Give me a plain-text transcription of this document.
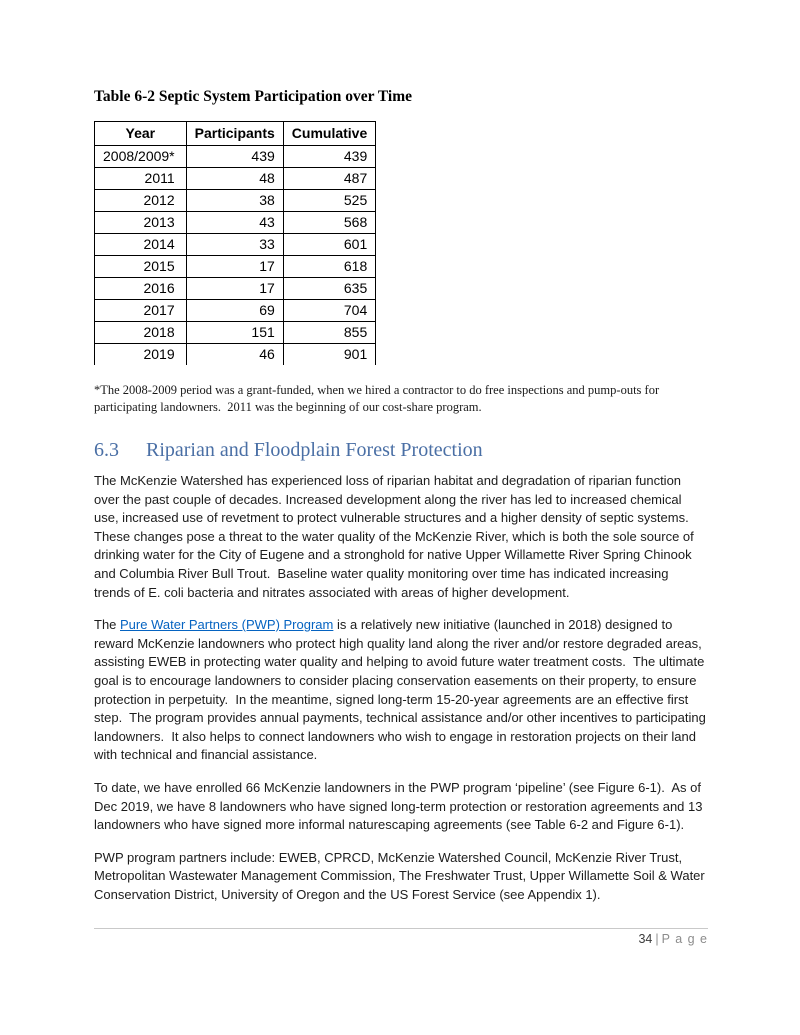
Table 6-2 Septic System Participation over Time
Year	Participants	Cumulative
2008/2009*	439	439
2011	48	487
2012	38	525
2013	43	568
2014	33	601
2015	17	618
2016	17	635
2017	69	704
2018	151	855
2019	46	901
*The 2008-2009 period was a grant-funded, when we hired a contractor to do free inspections and pump-outs for participating landowners.  2011 was the beginning of our cost-share program.
6.3 Riparian and Floodplain Forest Protection

The McKenzie Watershed has experienced loss of riparian habitat and degradation of riparian function over the past couple of decades. Increased development along the river has led to increased chemical use, increased use of revetment to protect vulnerable structures and a higher density of septic systems. These changes pose a threat to the water quality of the McKenzie River, which is both the sole source of drinking water for the City of Eugene and a stronghold for native Upper Willamette River Spring Chinook and Columbia River Bull Trout.  Baseline water quality monitoring over time has indicated increasing trends of E. coli bacteria and nitrates associated with areas of higher development.

The Pure Water Partners (PWP) Program is a relatively new initiative (launched in 2018) designed to reward McKenzie landowners who protect high quality land along the river and/or restore degraded areas, assisting EWEB in protecting water quality and helping to avoid future water treatment costs.  The ultimate goal is to encourage landowners to consider placing conservation easements on their property, to ensure protection in perpetuity.  In the meantime, signed long-term 15-20-year agreements are an effective first step.  The program provides annual payments, technical assistance and/or other incentives to participating landowners.  It also helps to connect landowners who wish to engage in restoration projects on their land with technical and financial assistance.

To date, we have enrolled 66 McKenzie landowners in the PWP program ‘pipeline’ (see Figure 6-1).  As of Dec 2019, we have 8 landowners who have signed long-term protection or restoration agreements and 13 landowners who have signed more informal naturescaping agreements (see Table 6-2 and Figure 6-1).

PWP program partners include: EWEB, CPRCD, McKenzie Watershed Council, McKenzie River Trust, Metropolitan Wastewater Management Commission, The Freshwater Trust, Upper Willamette Soil & Water Conservation District, University of Oregon and the US Forest Service (see Appendix 1).

34 | P a g e
